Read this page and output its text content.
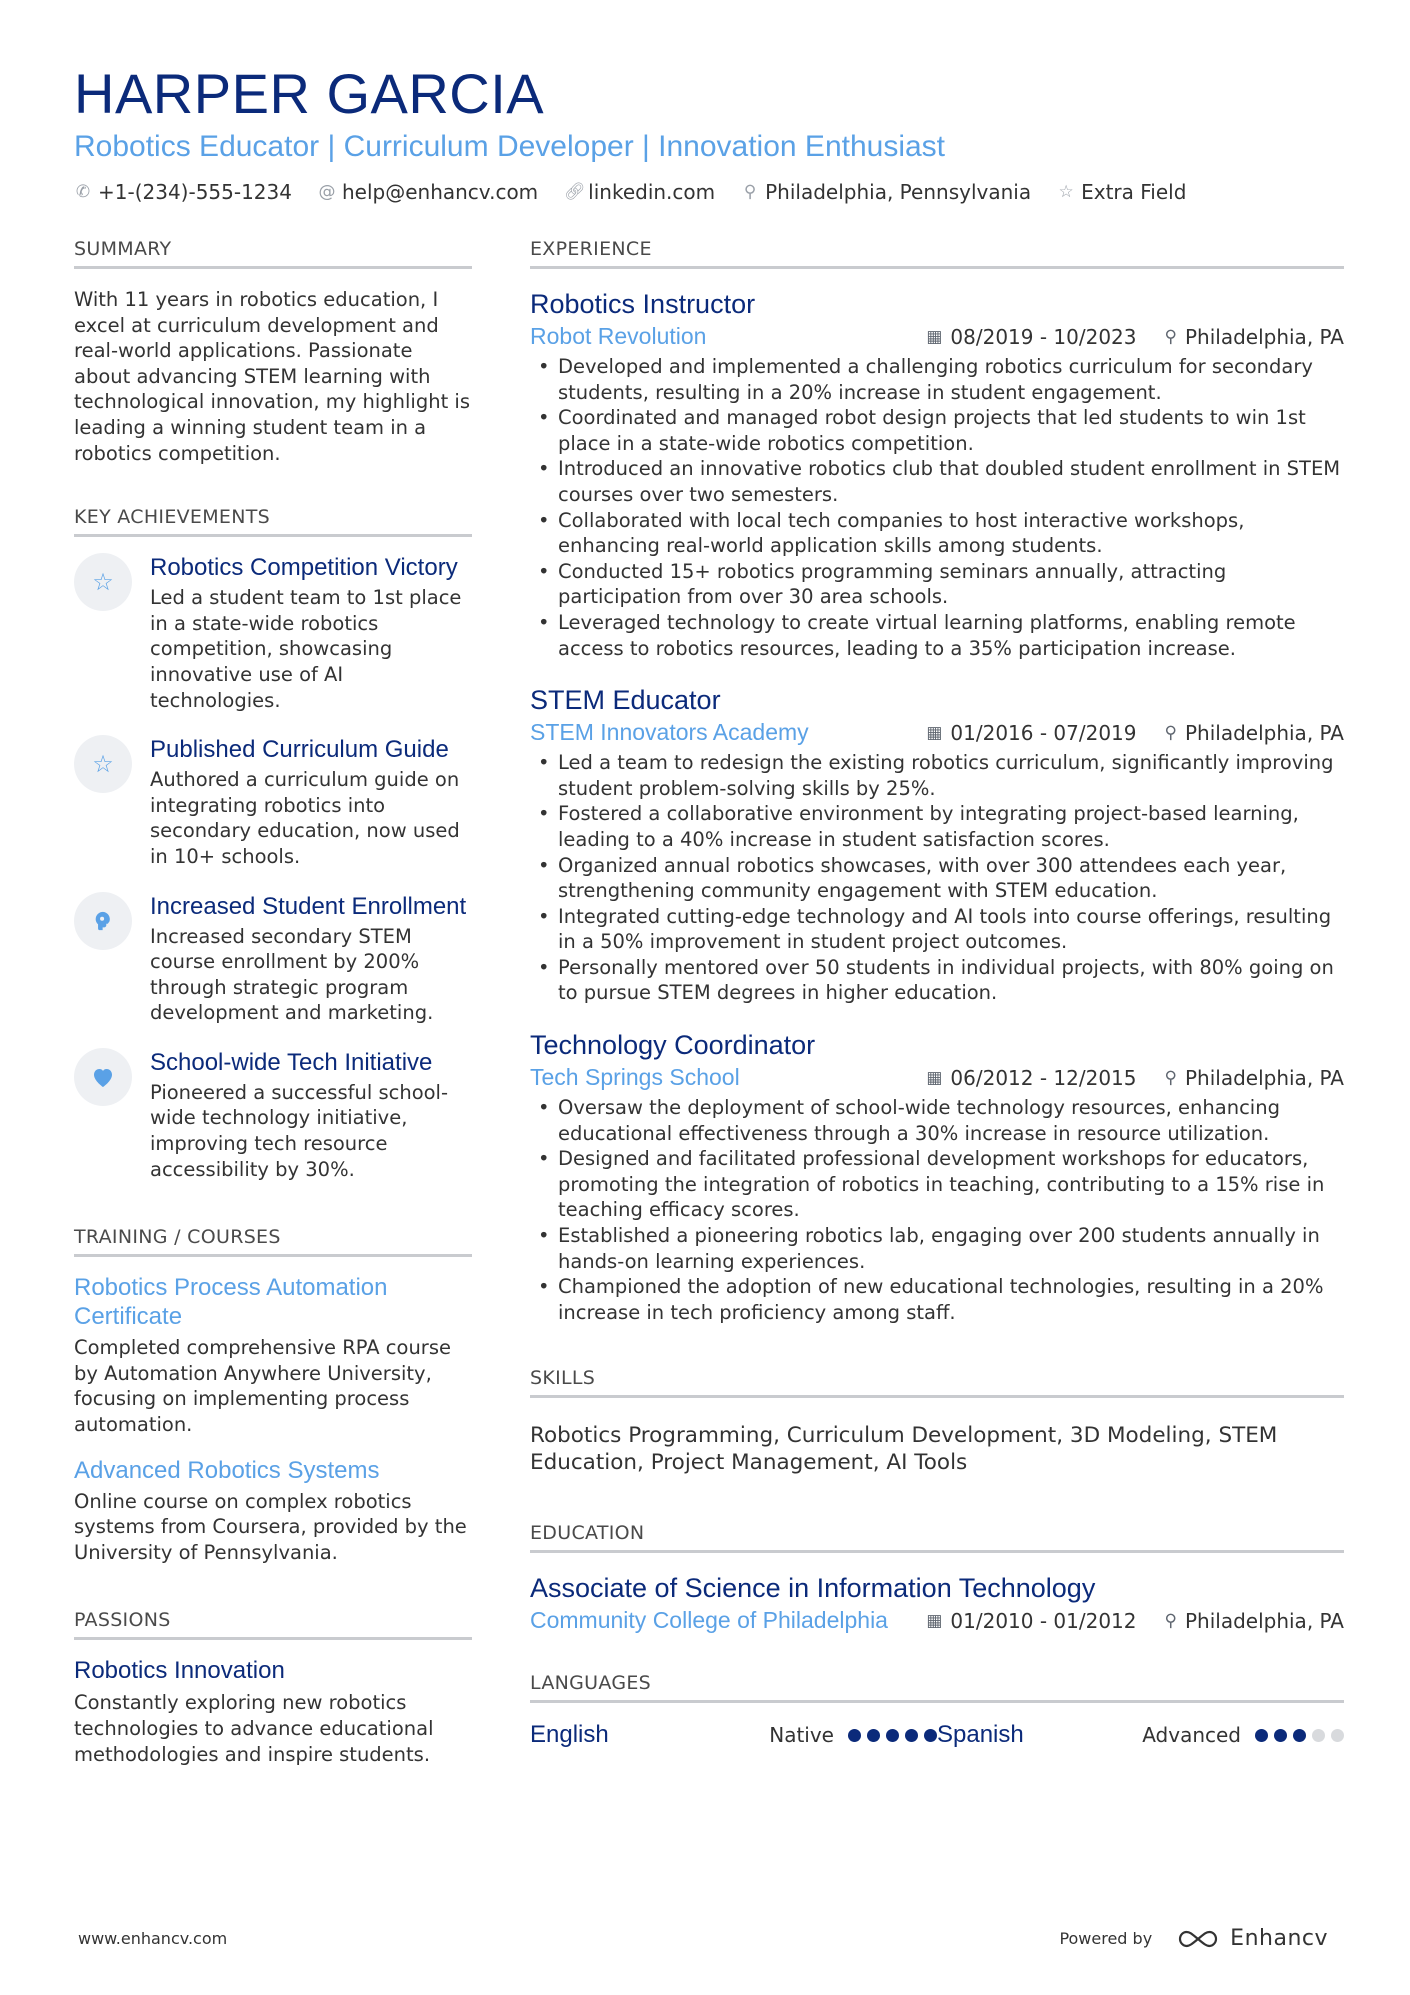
HARPER GARCIA
Robotics Educator | Curriculum Developer | Innovation Enthusiast
✆ +1-(234)-555-1234 @ help@enhancv.com 🔗︎ linkedin.com ⚲ Philadelphia, Pennsylvania ☆ Extra Field
SUMMARY
With 11 years in robotics education, I excel at curriculum development and real-world applications. Passionate about advancing STEM learning with technological innovation, my highlight is leading a winning student team in a robotics competition.
KEY ACHIEVEMENTS
☆
Robotics Competition Victory
Led a student team to 1st place in a state-wide robotics competition, showcasing innovative use of AI technologies.
☆
Published Curriculum Guide
Authored a curriculum guide on integrating robotics into secondary education, now used in 10+ schools.
Increased Student Enrollment
Increased secondary STEM course enrollment by 200% through strategic program development and marketing.
School-wide Tech Initiative
Pioneered a successful school-wide technology initiative, improving tech resource accessibility by 30%.
TRAINING / COURSES
Robotics Process Automation Certificate
Completed comprehensive RPA course by Automation Anywhere University, focusing on implementing process automation.
Advanced Robotics Systems
Online course on complex robotics systems from Coursera, provided by the University of Pennsylvania.
PASSIONS
Robotics Innovation
Constantly exploring new robotics technologies to advance educational methodologies and inspire students.
EXPERIENCE
Robotics Instructor
Robot Revolution	▦ 08/2019 - 10/2023 ⚲ Philadelphia, PA
• Developed and implemented a challenging robotics curriculum for secondary students, resulting in a 20% increase in student engagement.
• Coordinated and managed robot design projects that led students to win 1st place in a state-wide robotics competition.
• Introduced an innovative robotics club that doubled student enrollment in STEM courses over two semesters.
• Collaborated with local tech companies to host interactive workshops, enhancing real-world application skills among students.
• Conducted 15+ robotics programming seminars annually, attracting participation from over 30 area schools.
• Leveraged technology to create virtual learning platforms, enabling remote access to robotics resources, leading to a 35% participation increase.
STEM Educator
STEM Innovators Academy	▦ 01/2016 - 07/2019 ⚲ Philadelphia, PA
• Led a team to redesign the existing robotics curriculum, significantly improving student problem-solving skills by 25%.
• Fostered a collaborative environment by integrating project-based learning, leading to a 40% increase in student satisfaction scores.
• Organized annual robotics showcases, with over 300 attendees each year, strengthening community engagement with STEM education.
• Integrated cutting-edge technology and AI tools into course offerings, resulting in a 50% improvement in student project outcomes.
• Personally mentored over 50 students in individual projects, with 80% going on to pursue STEM degrees in higher education.
Technology Coordinator
Tech Springs School	▦ 06/2012 - 12/2015 ⚲ Philadelphia, PA
• Oversaw the deployment of school-wide technology resources, enhancing educational effectiveness through a 30% increase in resource utilization.
• Designed and facilitated professional development workshops for educators, promoting the integration of robotics in teaching, contributing to a 15% rise in teaching efficacy scores.
• Established a pioneering robotics lab, engaging over 200 students annually in hands-on learning experiences.
• Championed the adoption of new educational technologies, resulting in a 20% increase in tech proficiency among staff.
SKILLS
Robotics Programming, Curriculum Development, 3D Modeling, STEM Education, Project Management, AI Tools
EDUCATION
Associate of Science in Information Technology
Community College of Philadelphia	▦ 01/2010 - 01/2012 ⚲ Philadelphia, PA
LANGUAGES
English	Native	Spanish	Advanced
www.enhancv.com	Powered by	Enhancv
